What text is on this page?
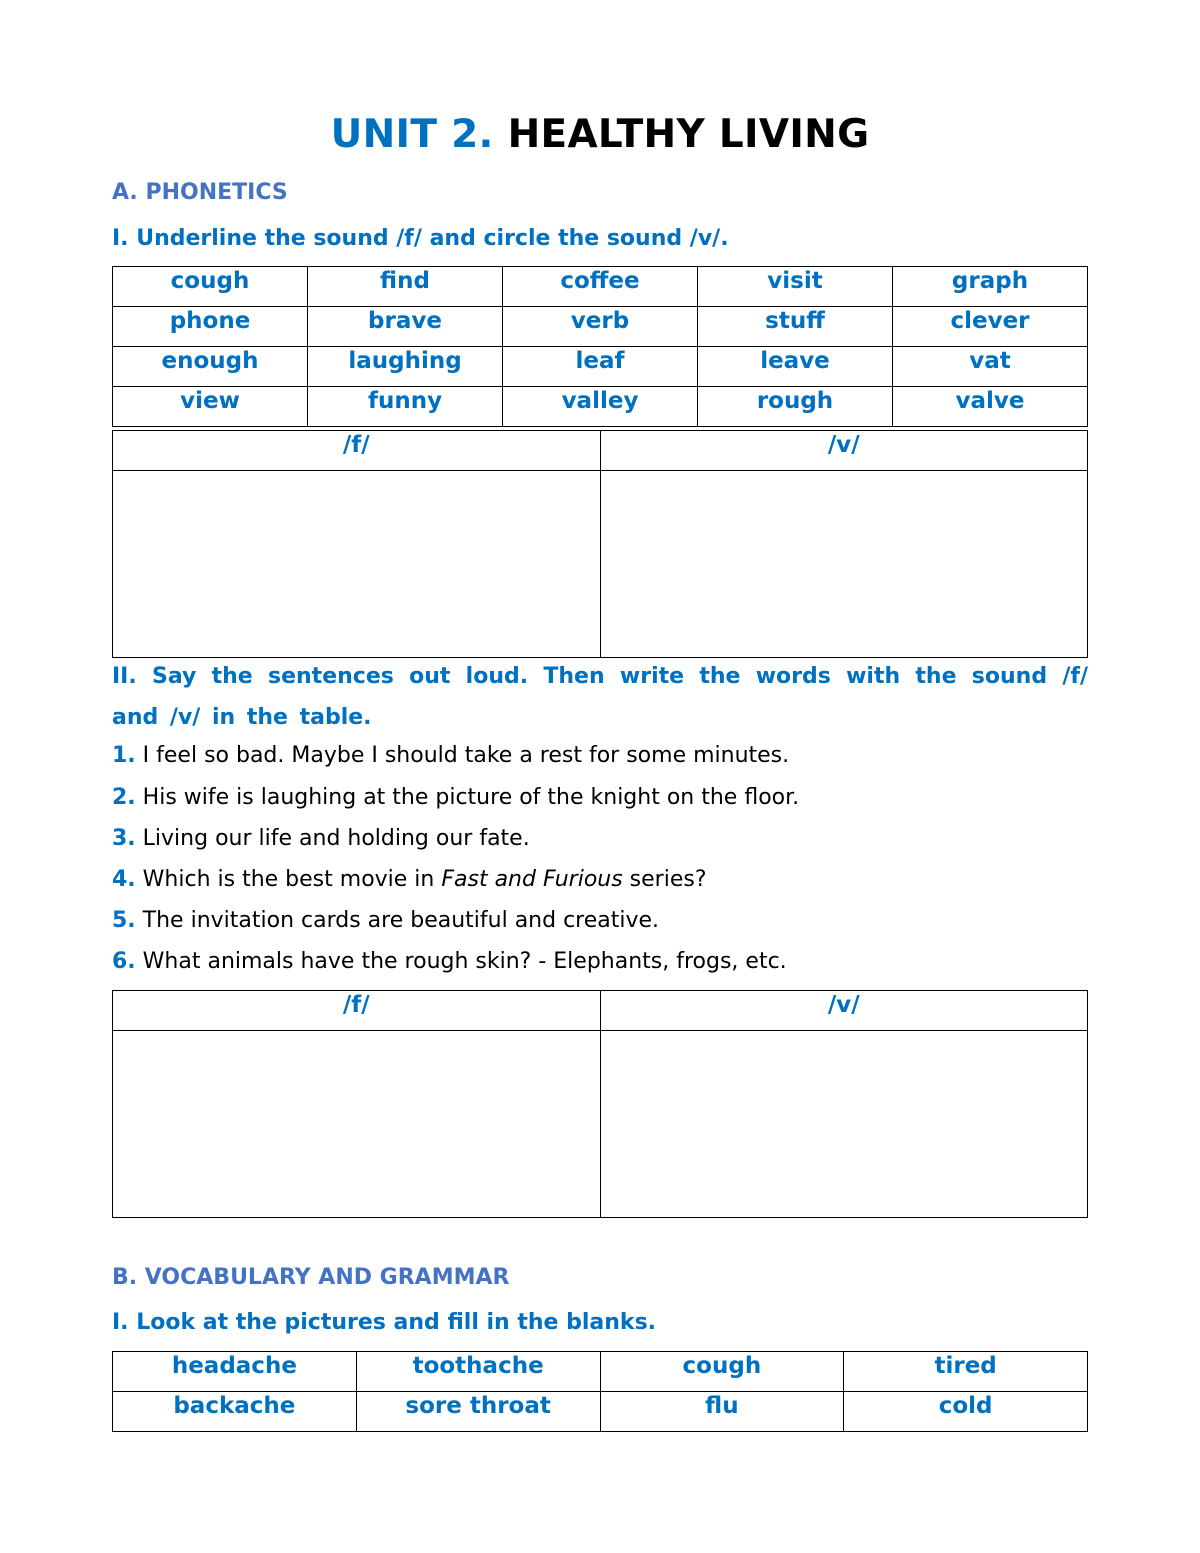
UNIT 2. HEALTHY LIVING
A. PHONETICS
I. Underline the sound /f/ and circle the sound /v/.
cough	find	coffee	visit	graph
phone	brave	verb	stuff	clever
enough	laughing	leaf	leave	vat
view	funny	valley	rough	valve
/f/	/v/

II. Say the sentences out loud. Then write the words with the sound /f/ and /v/ in the table.
1. I feel so bad. Maybe I should take a rest for some minutes.
2. His wife is laughing at the picture of the knight on the floor.
3. Living our life and holding our fate.
4. Which is the best movie in Fast and Furious series?
5. The invitation cards are beautiful and creative.
6. What animals have the rough skin? - Elephants, frogs, etc.
/f/	/v/

B. VOCABULARY AND GRAMMAR
I. Look at the pictures and fill in the blanks.
headache	toothache	cough	tired
backache	sore throat	flu	cold
